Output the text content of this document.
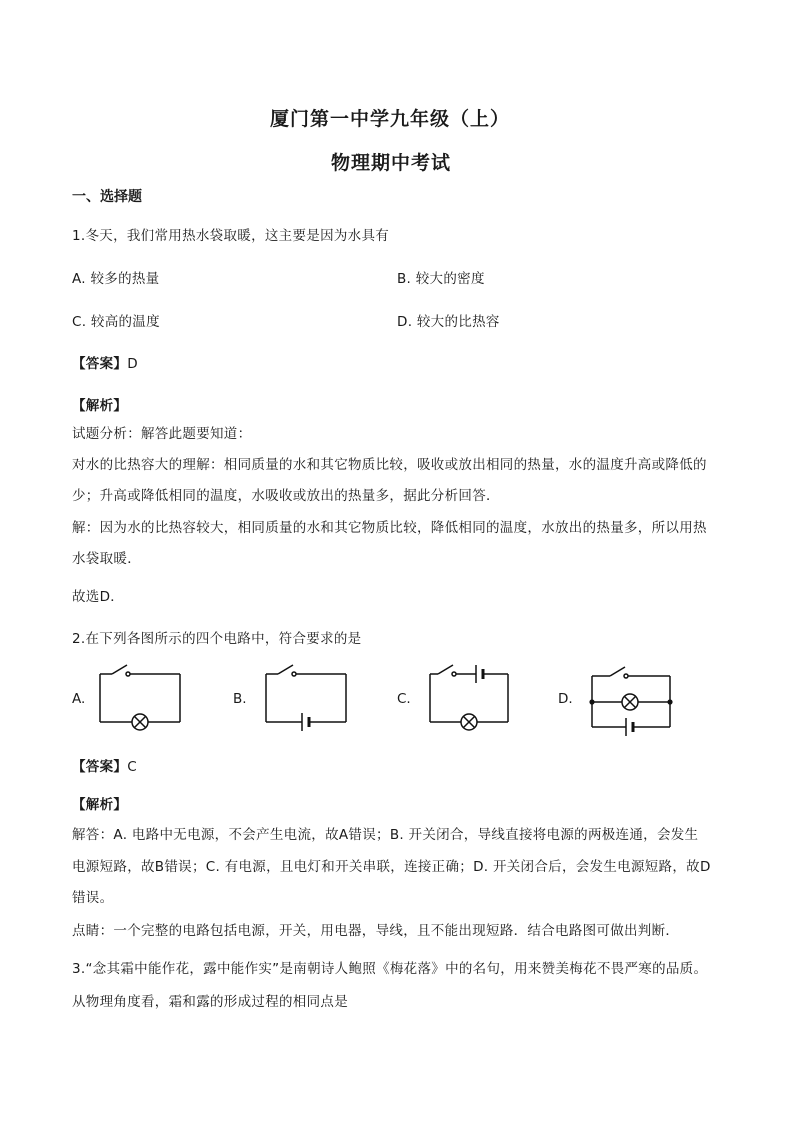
厦门第一中学九年级（上）
物理期中考试
一、选择题
1.冬天，我们常用热水袋取暖，这主要是因为水具有
A. 较多的热量	B. 较大的密度
C. 较高的温度	D. 较大的比热容
【答案】D
【解析】
试题分析：解答此题要知道：
对水的比热容大的理解：相同质量的水和其它物质比较，吸收或放出相同的热量，水的温度升高或降低的
少；升高或降低相同的温度，水吸收或放出的热量多，据此分析回答．
解：因为水的比热容较大，相同质量的水和其它物质比较，降低相同的温度，水放出的热量多，所以用热
水袋取暖．
故选D．
2.在下列各图所示的四个电路中，符合要求的是
A.	B.	C.	D.
【答案】C
【解析】
解答：A. 电路中无电源，不会产生电流，故A错误；B. 开关闭合，导线直接将电源的两极连通，会发生
电源短路，故B错误；C. 有电源，且电灯和开关串联，连接正确；D. 开关闭合后，会发生电源短路，故D
错误。
点睛：一个完整的电路包括电源，开关，用电器，导线，且不能出现短路．结合电路图可做出判断．
3.“念其霜中能作花，露中能作实”是南朝诗人鲍照《梅花落》中的名句，用来赞美梅花不畏严寒的品质。
从物理角度看，霜和露的形成过程的相同点是
